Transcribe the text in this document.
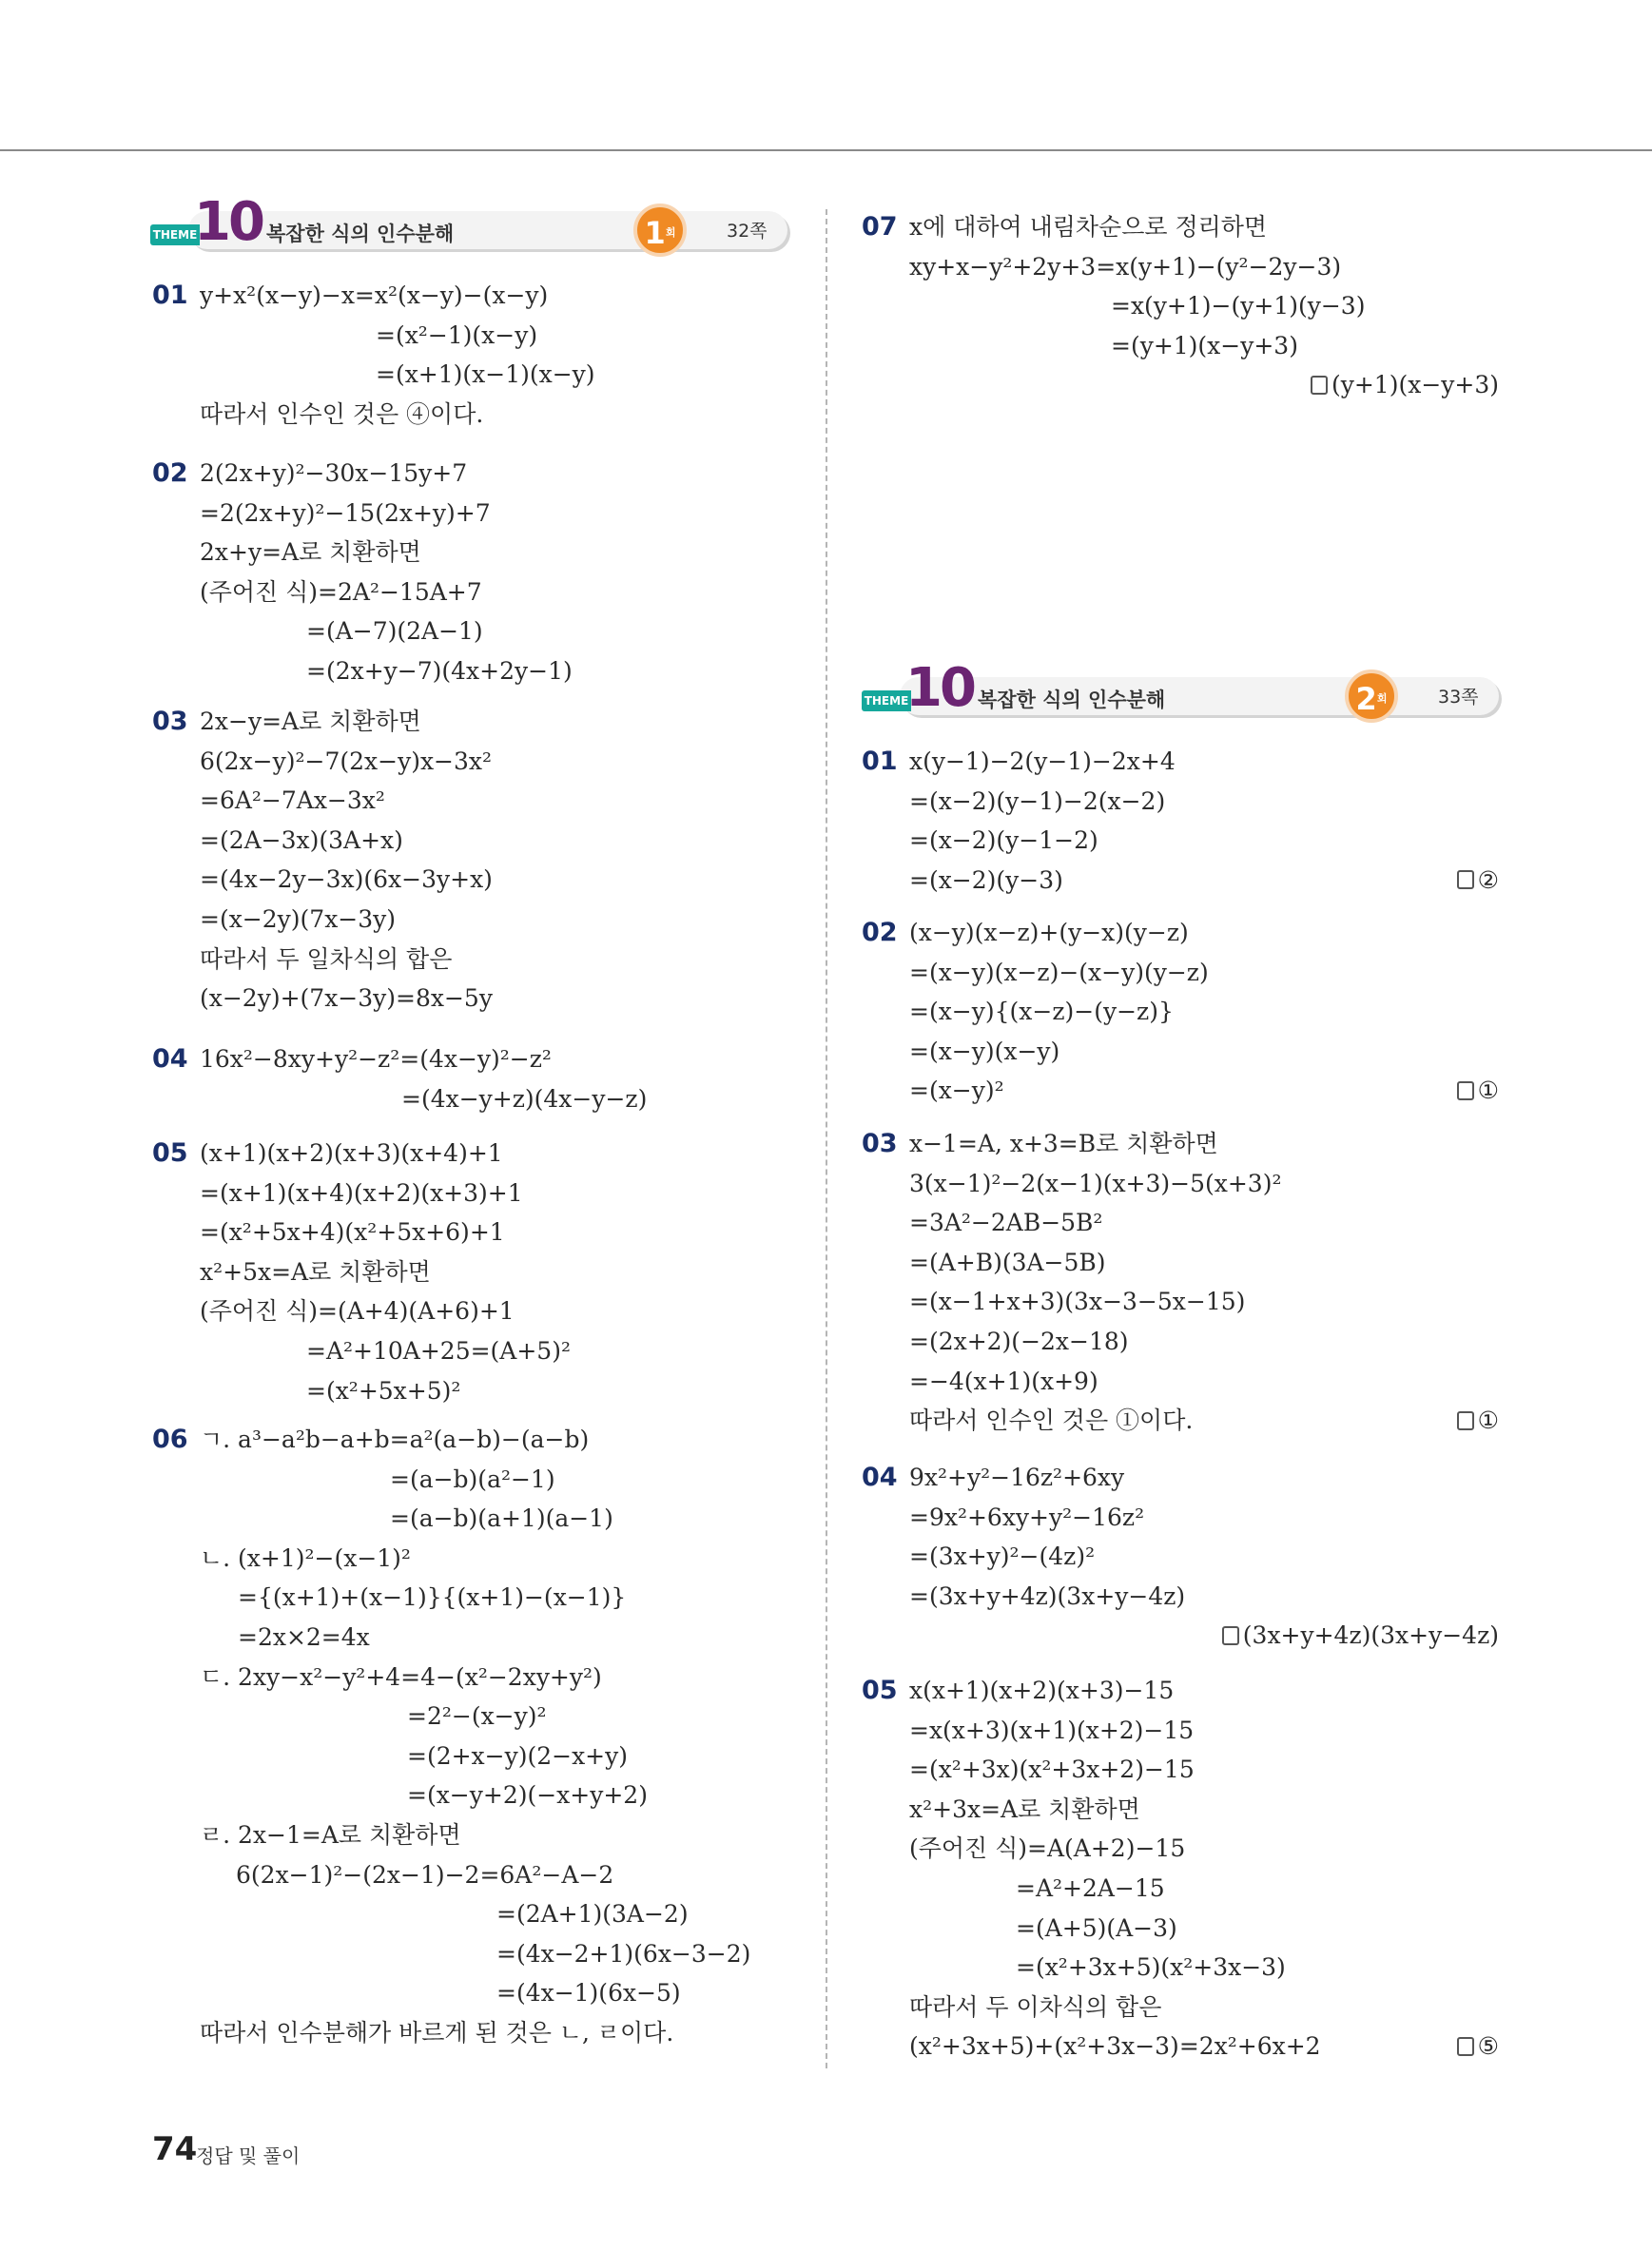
THEME
10 복잡한 식의 인수분해	$1^회$	32쪽
THEME
10 복잡한 식의 인수분해	$2^회$	33쪽
01 y+x²(x−y)−x=x²(x−y)−(x−y)
=(x²−1)(x−y)
=(x+1)(x−1)(x−y)
따라서 인수인 것은 ④이다.
02 2(2x+y)²−30x−15y+7
=2(2x+y)²−15(2x+y)+7
2x+y=A로 치환하면
(주어진 식)=2A²−15A+7
=(A−7)(2A−1)
=(2x+y−7)(4x+2y−1)
03 2x−y=A로 치환하면
6(2x−y)²−7(2x−y)x−3x²
=6A²−7Ax−3x²
=(2A−3x)(3A+x)
=(4x−2y−3x)(6x−3y+x)
=(x−2y)(7x−3y)
따라서 두 일차식의 합은
(x−2y)+(7x−3y)=8x−5y
04 16x²−8xy+y²−z²=(4x−y)²−z²
=(4x−y+z)(4x−y−z)
05 (x+1)(x+2)(x+3)(x+4)+1
=(x+1)(x+4)(x+2)(x+3)+1
=(x²+5x+4)(x²+5x+6)+1
x²+5x=A로 치환하면
(주어진 식)=(A+4)(A+6)+1
=A²+10A+25=(A+5)²
=(x²+5x+5)²
06 ㄱ. a³−a²b−a+b=a²(a−b)−(a−b)
=(a−b)(a²−1)
=(a−b)(a+1)(a−1)
ㄴ. (x+1)²−(x−1)²
={(x+1)+(x−1)}{(x+1)−(x−1)}
=2x×2=4x
ㄷ. 2xy−x²−y²+4=4−(x²−2xy+y²)
=2²−(x−y)²
=(2+x−y)(2−x+y)
=(x−y+2)(−x+y+2)
ㄹ. 2x−1=A로 치환하면
6(2x−1)²−(2x−1)−2=6A²−A−2
=(2A+1)(3A−2)
=(4x−2+1)(6x−3−2)
=(4x−1)(6x−5)
따라서 인수분해가 바르게 된 것은 ㄴ, ㄹ이다.
07 x에 대하여 내림차순으로 정리하면
xy+x−y²+2y+3=x(y+1)−(y²−2y−3)
=x(y+1)−(y+1)(y−3)
=(y+1)(x−y+3)
(y+1)(x−y+3)
01 x(y−1)−2(y−1)−2x+4
=(x−2)(y−1)−2(x−2)
=(x−2)(y−1−2)
=(x−2)(y−3)	②
02 (x−y)(x−z)+(y−x)(y−z)
=(x−y)(x−z)−(x−y)(y−z)
=(x−y){(x−z)−(y−z)}
=(x−y)(x−y)
=(x−y)²	①
03 x−1=A, x+3=B로 치환하면
3(x−1)²−2(x−1)(x+3)−5(x+3)²
=3A²−2AB−5B²
=(A+B)(3A−5B)
=(x−1+x+3)(3x−3−5x−15)
=(2x+2)(−2x−18)
=−4(x+1)(x+9)
따라서 인수인 것은 ①이다.	①
04 9x²+y²−16z²+6xy
=9x²+6xy+y²−16z²
=(3x+y)²−(4z)²
=(3x+y+4z)(3x+y−4z)
(3x+y+4z)(3x+y−4z)
05 x(x+1)(x+2)(x+3)−15
=x(x+3)(x+1)(x+2)−15
=(x²+3x)(x²+3x+2)−15
x²+3x=A로 치환하면
(주어진 식)=A(A+2)−15
=A²+2A−15
=(A+5)(A−3)
=(x²+3x+5)(x²+3x−3)
따라서 두 이차식의 합은
(x²+3x+5)+(x²+3x−3)=2x²+6x+2	⑤
74
정답 및 풀이
